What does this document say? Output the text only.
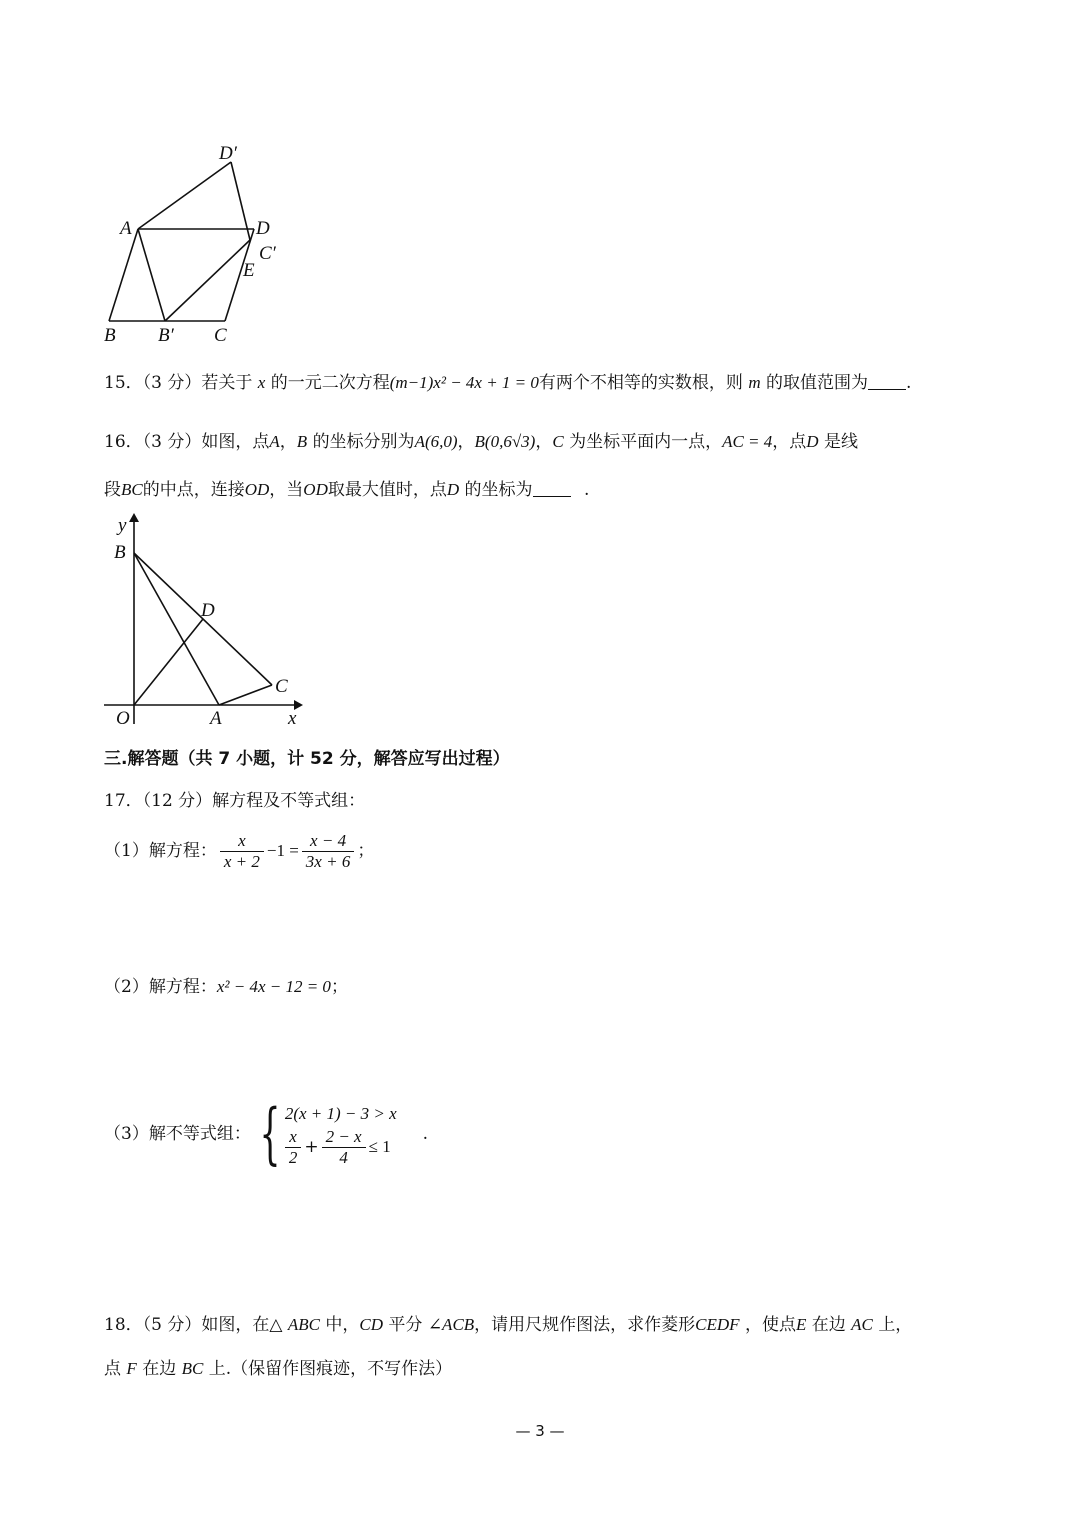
D′
A	D
C′
E
B B′ C
15．（3 分）若关于 x 的一元二次方程(m−1)x² − 4x + 1 = 0有两个不相等的实数根，则 m 的取值范围为 .
16．（3 分）如图，点A，B 的坐标分别为A(6,0)，B(0,6√3)，C 为坐标平面内一点，AC = 4，点D 是线
段BC的中点，连接OD，当OD取最大值时，点D 的坐标为	.
y
B
D
C
O	A	x
三.解答题（共 7 小题，计 52 分，解答应写出过程）
17．（12 分）解方程及不等式组：
（1）解方程： $\frac{x}{x + 2} -1 = \frac{x - 4}{3x + 6}$ ；
（2）解方程：x² − 4x − 12 = 0；
（3）解不等式组： { 2(x + 1) − 3 > x
$\frac{x}{2} + \frac{2 - x}{4} \le 1$
.
18．（5 分）如图，在△ ABC 中，CD 平分 ∠ACB，请用尺规作图法，求作菱形CEDF ，使点E 在边 AC 上，
点 F 在边 BC 上.（保留作图痕迹，不写作法）
— 3 —
